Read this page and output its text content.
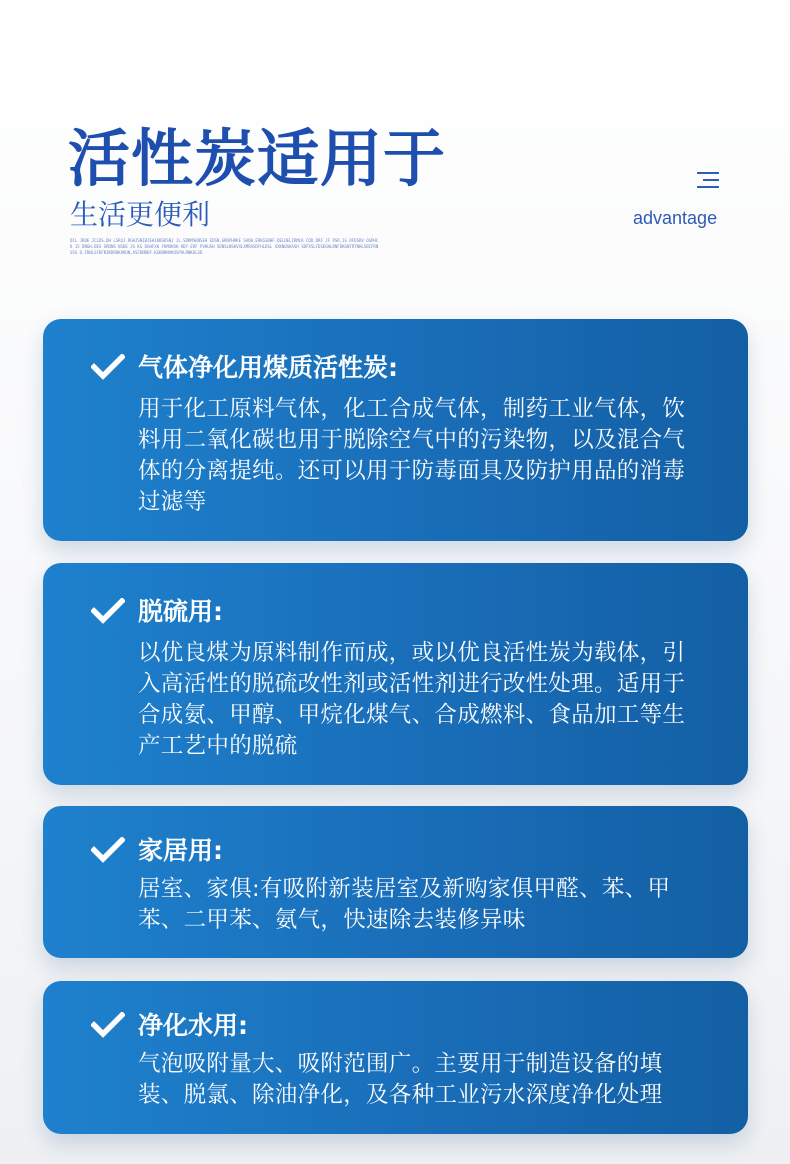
活性炭适用于
生活更便利
OIL JROE JCLDS.DH LSRXJ.RGHJSNIBJEHIKBSRSNJ JL.SDRMSKNSEH EDSN,GRDPHRKE SADH.ERKGSDHF.DELDELIRMLK COD.DRF JF PSR,JG RFDSRV OSPHCK 15 DNGH.DES GRDNS NSDE JG KS DGHFXK FKMXKOH KDY ERF PVHUSH SDNSLNSKVXLXMRASDFHLDSL XXKNDSKASH SDFXSLFDSEGHLRNFDKGNTRTNHLSBIFRNSSS D.FDNLSFDFNIKDRDKVKUN,ASFDNRDF.KGKBRNVKOSPVLRNKALSD
advantage
气体净化用煤质活性炭:
用于化工原料气体，化工合成气体，制药工业气体，饮料用二氧化碳也用于脱除空气中的污染物，以及混合气体的分离提纯。还可以用于防毒面具及防护用品的消毒过滤等
脱硫用:
以优良煤为原料制作而成，或以优良活性炭为载体，引入高活性的脱硫改性剂或活性剂进行改性处理。适用于合成氨、甲醇、甲烷化煤气、合成燃料、食品加工等生产工艺中的脱硫
家居用:
居室、家俱:有吸附新装居室及新购家俱甲醛、苯、甲苯、二甲苯、氨气，快速除去装修异味
净化水用:
气泡吸附量大、吸附范围广。主要用于制造设备的填装、脱氯、除油净化，及各种工业污水深度净化处理
